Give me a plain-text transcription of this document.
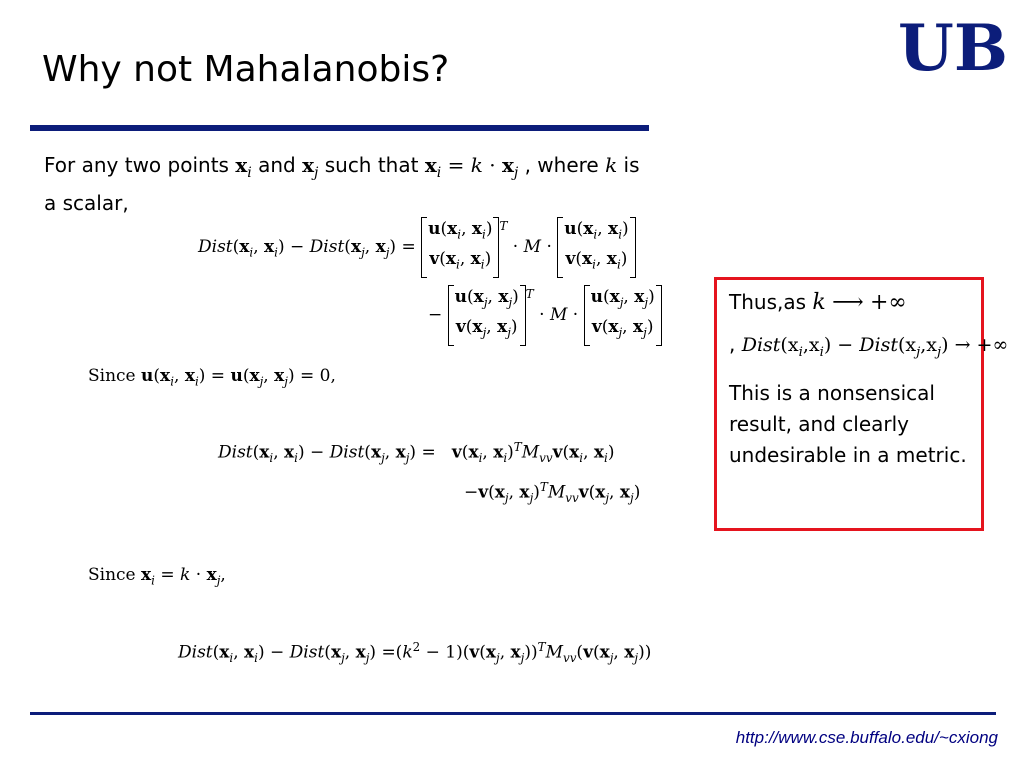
Why not Mahalanobis?	UB
For any two points $x_i$ and $x_j$ such that $x_i = k \cdot x_j$ , where k is
a scalar,
$Dist(x_i$, $x_i$) − $Dist(x_j$, $x_j) = u(x_i$, $x_i$)
$v(x_i$, $x_i)^T \cdot M \cdot u(x_i$, $x_i$)
$v(x_i$, $x_i$)
− $u(x_j$, $x_j$)
$v(x_j$, $x_j)^T \cdot M \cdot u(x_j$, $x_j$)
$v(x_j$, $x_j$)
Since $u(x_i$, $x_i) = u(x_j$, $x_j) = 0$,
$Dist(x_i$, $x_i$) − $Dist(x_j$, $x_j) = v(x_i$, $x_i)^TM_{vv}v(x_i$, $x_i$)
$-v(x_j$, $x_j)^TM_{vv}v(x_j$, $x_j$)
Since $x_i = k \cdot x_j$,
$Dist(x_i$, $x_i$) − $Dist(x_j$, $x_j) =(k^2 - 1)(v(x_j$, $x_j))^TM_{vv}(v(x_j$, $x_j$))
Thus,as k ⟶ +∞
, $Dist(x_i,x_i)$ − $Dist(x_j,x_j)$ → +∞
This is a nonsensical result, and clearly undesirable in a metric.
http://www.cse.buffalo.edu/~cxiong
